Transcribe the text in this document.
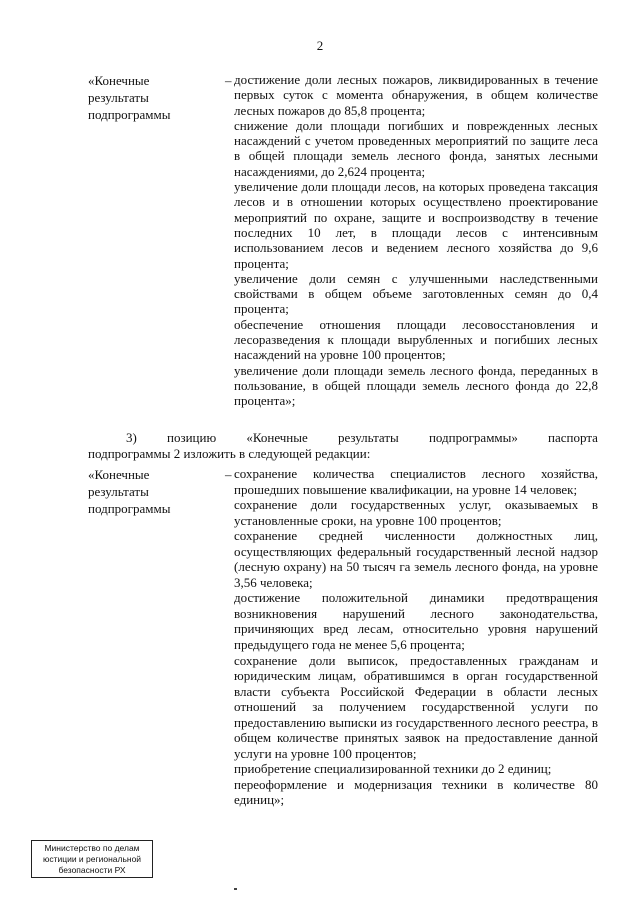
2
«Конечные
результаты
подпрограммы
– достижение доли лесных пожаров, ликвидированных в течение первых суток с момента обнаружения, в общем количестве лесных пожаров до 85,8 процента;

снижение доли площади погибших и поврежденных лесных насаждений с учетом проведенных мероприятий по защите леса в общей площади земель лесного фонда, занятых лесными насаждениями, до 2,624 процента;

увеличение доли площади лесов, на которых проведена таксация лесов и в отношении которых осуществлено проектирование мероприятий по охране, защите и воспроизводству в течение последних 10 лет, в площади лесов с интенсивным использованием лесов и ведением лесного хозяйства до 9,6 процента;

увеличение доли семян с улучшенными наследственными свойствами в общем объеме заготовленных семян до 0,4 процента;

обеспечение отношения площади лесовосстановления и лесоразведения к площади вырубленных и погибших лесных насаждений на уровне 100 процентов;

увеличение доли площади земель лесного фонда, переданных в пользование, в общей площади земель лесного фонда до 22,8 процента»;

3) позицию «Конечные результаты подпрограммы» паспорта
подпрограммы 2 изложить в следующей редакции:
«Конечные
результаты
подпрограммы
– сохранение количества специалистов лесного хозяйства, прошедших повышение квалификации, на уровне 14 человек;

сохранение доли государственных услуг, оказываемых в установленные сроки, на уровне 100 процентов;

сохранение средней численности должностных лиц, осуществляющих федеральный государственный лесной надзор (лесную охрану) на 50 тысяч га земель лесного фонда, на уровне 3,56 человека;

достижение положительной динамики предотвращения возникновения нарушений лесного законодательства, причиняющих вред лесам, относительно уровня нарушений предыдущего года не менее 5,6 процента;

сохранение доли выписок, предоставленных гражданам и юридическим лицам, обратившимся в орган государственной власти субъекта Российской Федерации в области лесных отношений за получением государственной услуги по предоставлению выписки из государственного лесного реестра, в общем количестве принятых заявок на предоставление данной услуги на уровне 100 процентов;

приобретение специализированной техники до 2 единиц;

переоформление и модернизация техники в количестве 80 единиц»;

Министерство по делам
юстиции и региональной
безопасности РХ
